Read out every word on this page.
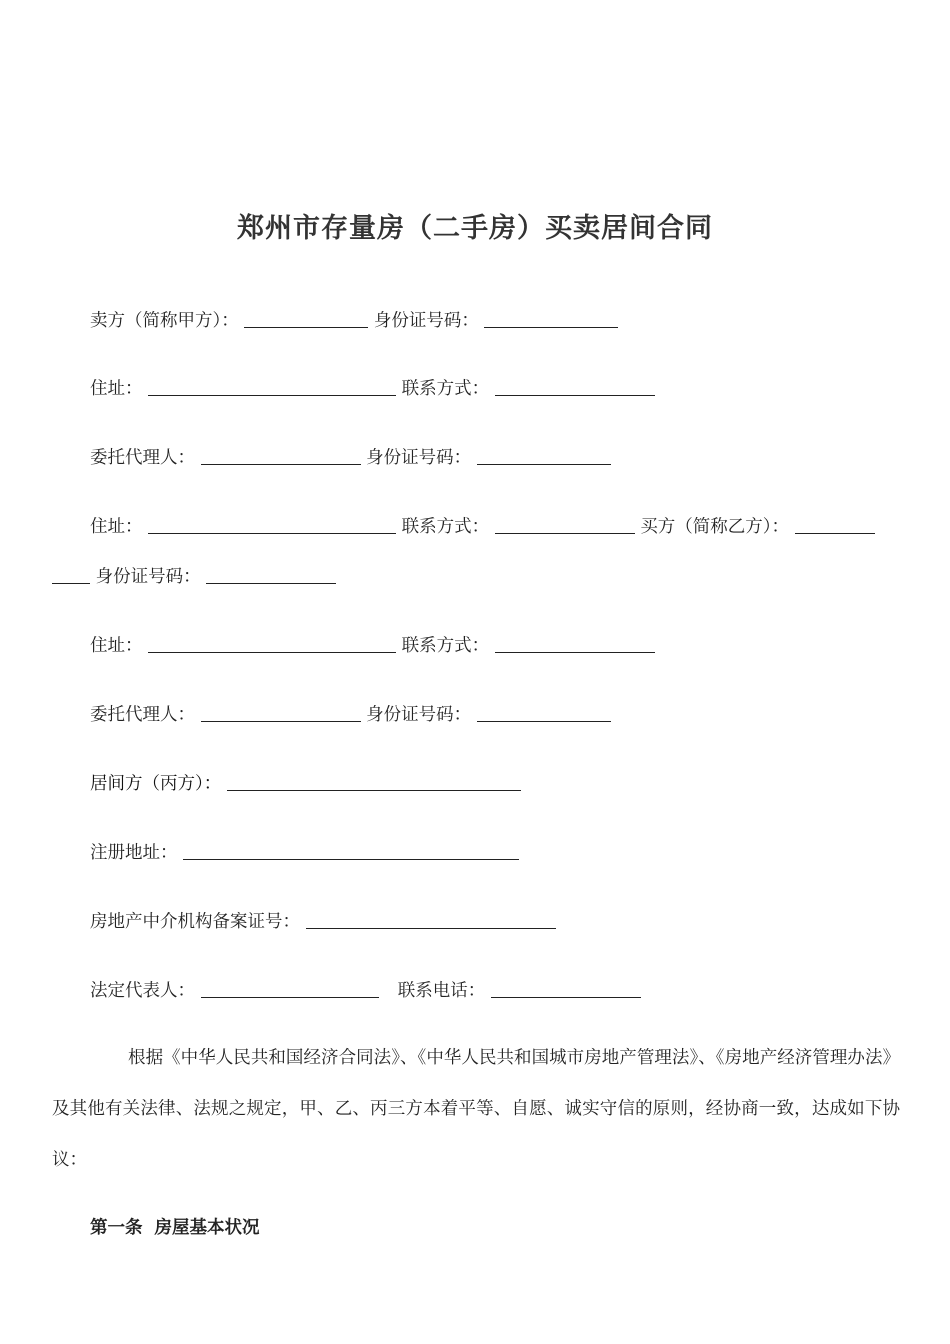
郑州市存量房（二手房）买卖居间合同
卖方（简称甲方）：	身份证号码：
住址：	联系方式：
委托代理人：	身份证号码：
住址：	联系方式：	买方（简称乙方）：
身份证号码：
住址：	联系方式：
委托代理人：	身份证号码：
居间方（丙方）：
注册地址：
房地产中介机构备案证号：
法定代表人：	联系电话：
根据《中华人民共和国经济合同法》、《中华人民共和国城市房地产管理法》、《房地产经济管理办法》及其他有关法律、法规之规定，甲、乙、丙三方本着平等、自愿、诚实守信的原则，经协商一致，达成如下协议：
第一条 房屋基本状况
